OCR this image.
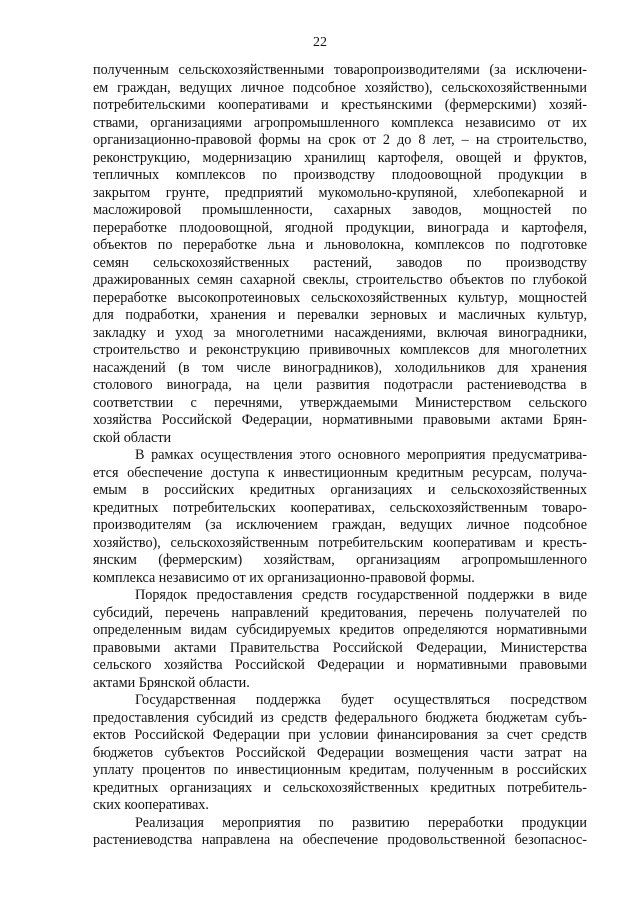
22
полученным сельскохозяйственными товаропроизводителями (за исключени-
ем граждан, ведущих личное подсобное хозяйство), сельскохозяйственными
потребительскими кооперативами и крестьянскими (фермерскими) хозяй-
ствами, организациями агропромышленного комплекса независимо от их
организационно-правовой формы на срок от 2 до 8 лет, – на строительство,
реконструкцию, модернизацию хранилищ картофеля, овощей и фруктов,
тепличных комплексов по производству плодоовощной продукции в
закрытом грунте, предприятий мукомольно-крупяной, хлебопекарной и
масложировой промышленности, сахарных заводов, мощностей по
переработке плодоовощной, ягодной продукции, винограда и картофеля,
объектов по переработке льна и льноволокна, комплексов по подготовке
семян сельскохозяйственных растений, заводов по производству
дражированных семян сахарной свеклы, строительство объектов по глубокой
переработке высокопротеиновых сельскохозяйственных культур, мощностей
для подработки, хранения и перевалки зерновых и масличных культур,
закладку и уход за многолетними насаждениями, включая виноградники,
строительство и реконструкцию прививочных комплексов для многолетних
насаждений (в том числе виноградников), холодильников для хранения
столового винограда, на цели развития подотрасли растениеводства в
соответствии с перечнями, утверждаемыми Министерством сельского
хозяйства Российской Федерации, нормативными правовыми актами Брян-
ской области
В рамках осуществления этого основного мероприятия предусматрива-
ется обеспечение доступа к инвестиционным кредитным ресурсам, получа-
емым в российских кредитных организациях и сельскохозяйственных
кредитных потребительских кооперативах, сельскохозяйственным товаро-
производителям (за исключением граждан, ведущих личное подсобное
хозяйство), сельскохозяйственным потребительским кооперативам и кресть-
янским (фермерским) хозяйствам, организациям агропромышленного
комплекса независимо от их организационно-правовой формы.
Порядок предоставления средств государственной поддержки в виде
субсидий, перечень направлений кредитования, перечень получателей по
определенным видам субсидируемых кредитов определяются нормативными
правовыми актами Правительства Российской Федерации, Министерства
сельского хозяйства Российской Федерации и нормативными правовыми
актами Брянской области.
Государственная поддержка будет осуществляться посредством
предоставления субсидий из средств федерального бюджета бюджетам субъ-
ектов Российской Федерации при условии финансирования за счет средств
бюджетов субъектов Российской Федерации возмещения части затрат на
уплату процентов по инвестиционным кредитам, полученным в российских
кредитных организациях и сельскохозяйственных кредитных потребитель-
ских кооперативах.
Реализация мероприятия по развитию переработки продукции
растениеводства направлена на обеспечение продовольственной безопаснос-
